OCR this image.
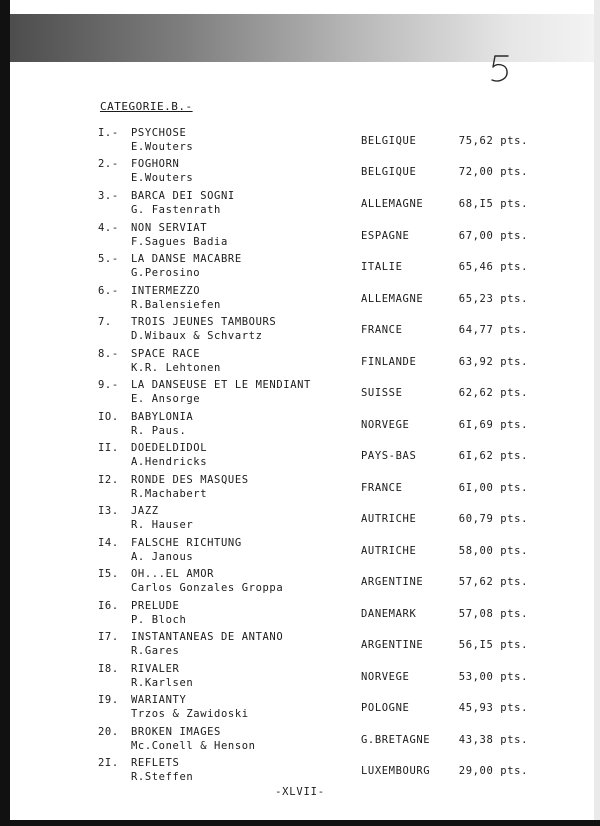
CATEGORIE.B.-
I.- PSYCHOSE
E.Wouters	BELGIQUE	75,62 pts.
2.- FOGHORN
E.Wouters	BELGIQUE	72,00 pts.
3.- BARCA DEI SOGNI
G. Fastenrath	ALLEMAGNE	68,I5 pts.
4.- NON SERVIAT
F.Sagues Badia	ESPAGNE	67,00 pts.
5.- LA DANSE MACABRE
G.Perosino	ITALIE	65,46 pts.
6.- INTERMEZZO
R.Balensiefen	ALLEMAGNE	65,23 pts.
7. TROIS JEUNES TAMBOURS
D.Wibaux & Schvartz	FRANCE	64,77 pts.
8.- SPACE RACE
K.R. Lehtonen	FINLANDE	63,92 pts.
9.- LA DANSEUSE ET LE MENDIANT
E. Ansorge	SUISSE	62,62 pts.
IO. BABYLONIA
R. Paus.	NORVEGE	6I,69 pts.
II. DOEDELDIDOL
A.Hendricks	PAYS-BAS	6I,62 pts.
I2. RONDE DES MASQUES
R.Machabert	FRANCE	6I,00 pts.
I3. JAZZ
R. Hauser	AUTRICHE	60,79 pts.
I4. FALSCHE RICHTUNG
A. Janous	AUTRICHE	58,00 pts.
I5. OH...EL AMOR
Carlos Gonzales Groppa	ARGENTINE	57,62 pts.
I6. PRELUDE
P. Bloch	DANEMARK	57,08 pts.
I7. INSTANTANEAS DE ANTANO
R.Gares	ARGENTINE	56,I5 pts.
I8. RIVALER
R.Karlsen	NORVEGE	53,00 pts.
I9. WARIANTY
Trzos & Zawidoski	POLOGNE	45,93 pts.
20. BROKEN IMAGES
Mc.Conell & Henson	G.BRETAGNE	43,38 pts.
2I. REFLETS
R.Steffen	LUXEMBOURG	29,00 pts.
-XLVII-
